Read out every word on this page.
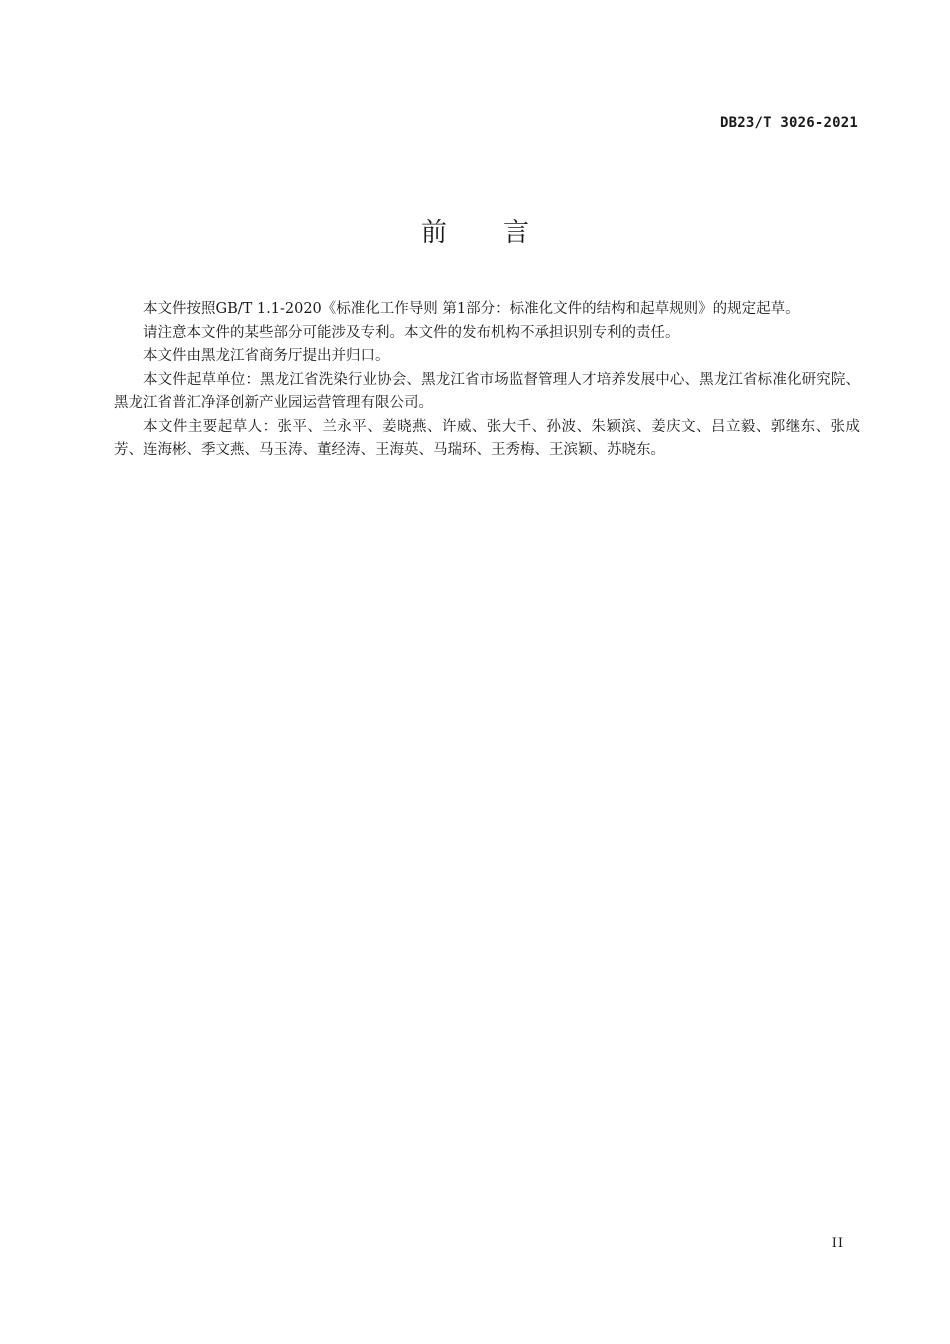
DB23/T 3026-2021
前 言

本文件按照GB/T 1.1-2020《标准化工作导则 第1部分：标准化文件的结构和起草规则》的规定起草。

请注意本文件的某些部分可能涉及专利。本文件的发布机构不承担识别专利的责任。

本文件由黑龙江省商务厅提出并归口。

本文件起草单位：黑龙江省洗染行业协会、黑龙江省市场监督管理人才培养发展中心、黑龙江省标准化研究院、黑龙江省普汇净泽创新产业园运营管理有限公司。

本文件主要起草人：张平、兰永平、姜晓燕、许威、张大千、孙波、朱颖滨、姜庆文、吕立毅、郭继东、张成芳、连海彬、季文燕、马玉涛、董经涛、王海英、马瑞环、王秀梅、王滨颖、苏晓东。

II
